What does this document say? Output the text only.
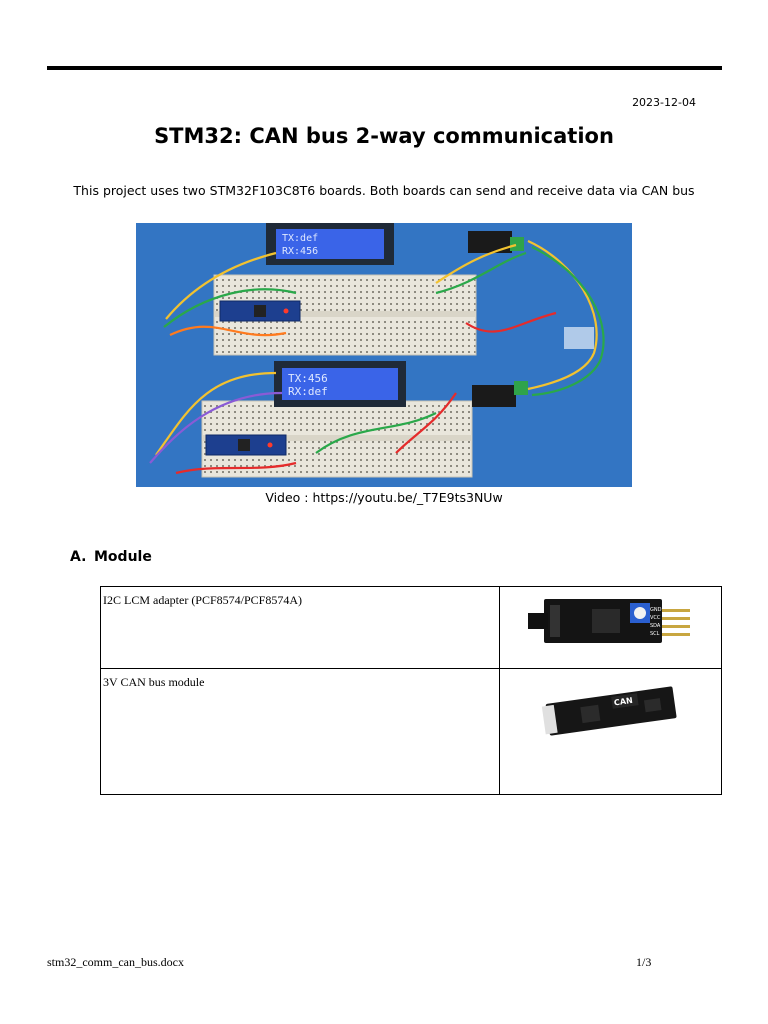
2023-12-04
STM32: CAN bus 2-way communication
This project uses two STM32F103C8T6 boards. Both boards can send and receive data via CAN bus
TX:def
RX:456
TX:456
RX:def
Video : https://youtu.be/_T7E9ts3NUw
A. Module
I2C LCM adapter (PCF8574/PCF8574A)	GND
VCC
SDA
SCL

3V CAN bus module	CAN
stm32_comm_can_bus.docx	1/3
